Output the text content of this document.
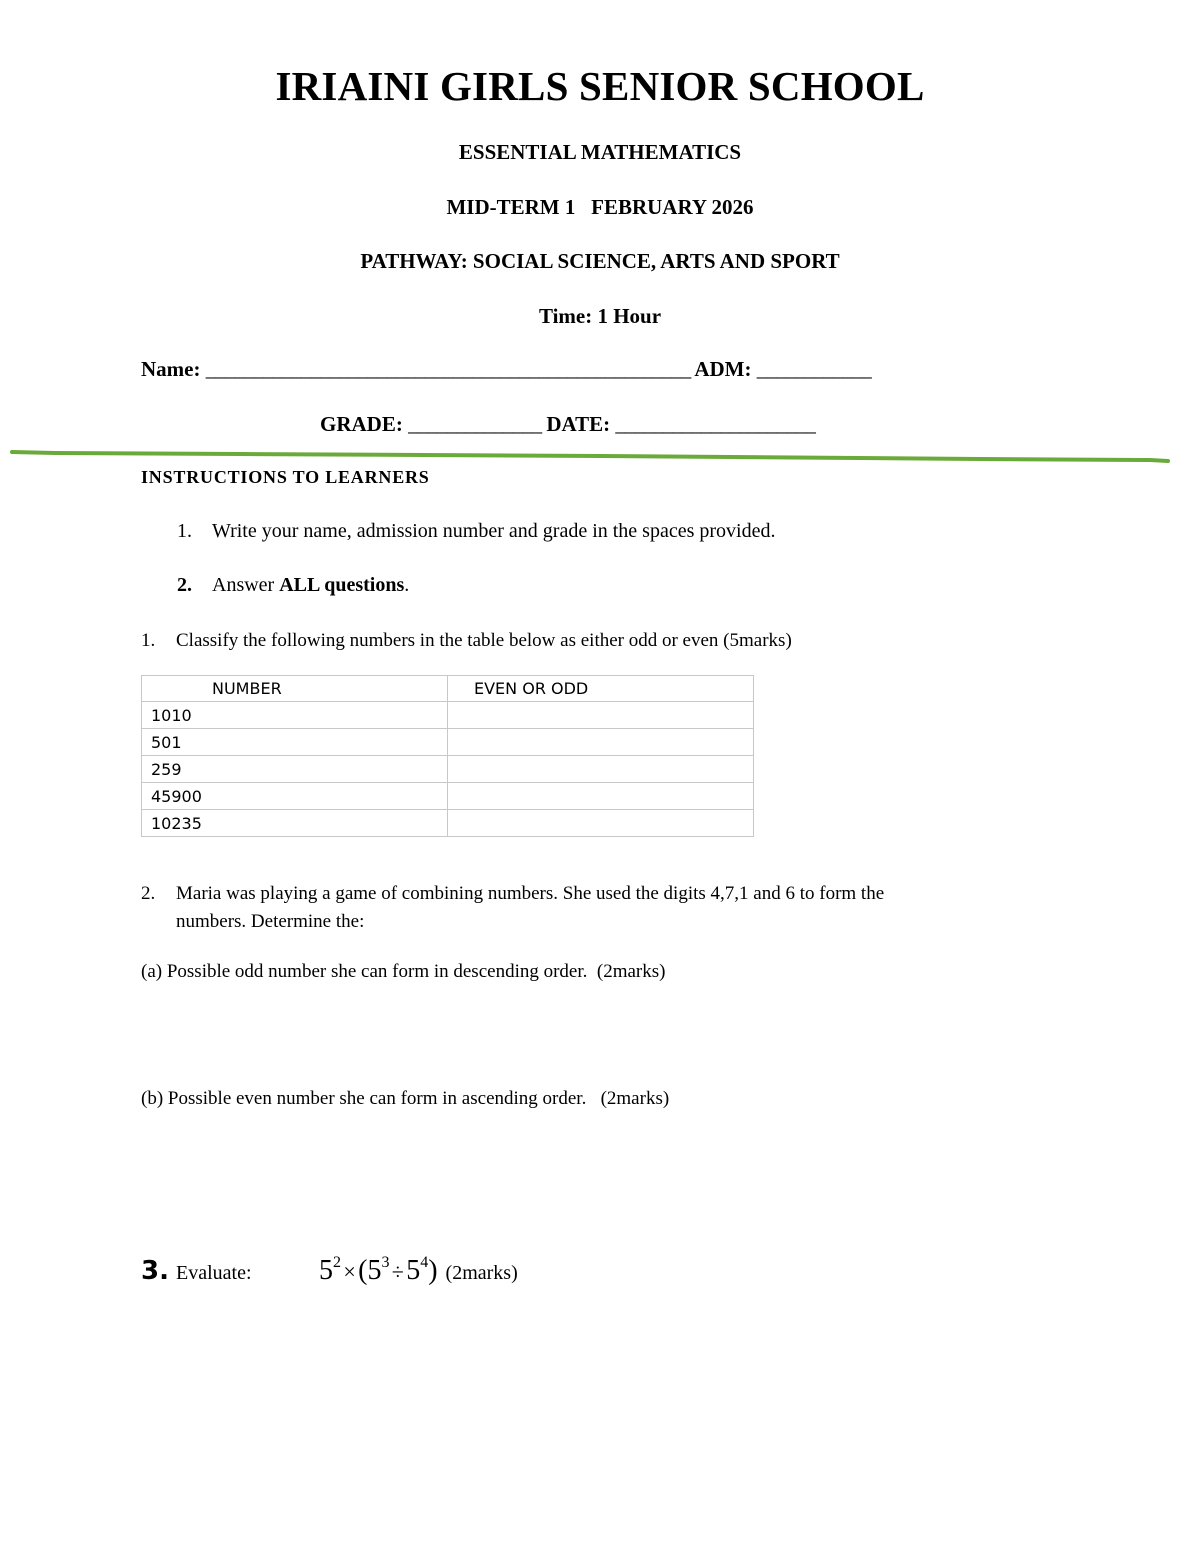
IRIAINI GIRLS SENIOR SCHOOL
ESSENTIAL MATHEMATICS
MID-TERM 1   FEBRUARY 2026
PATHWAY: SOCIAL SCIENCE, ARTS AND SPORT
Time: 1 Hour
Name: ___________________________________________________ ADM: ____________
GRADE: ______________ DATE: _____________________
INSTRUCTIONS TO LEARNERS
1. Write your name, admission number and grade in the spaces provided.
2. Answer ALL questions.
1. Classify the following numbers in the table below as either odd or even (5marks)
NUMBER	EVEN OR ODD
1010	
501	
259	
45900	
10235	
2. Maria was playing a game of combining numbers. She used the digits 4,7,1 and 6 to form the
numbers. Determine the:
(a) Possible odd number she can form in descending order.  (2marks)
(b) Possible even number she can form in ascending order.   (2marks)
3. Evaluate: $5^2$  × ($5^3$  ÷ $5^4$) (2marks)
